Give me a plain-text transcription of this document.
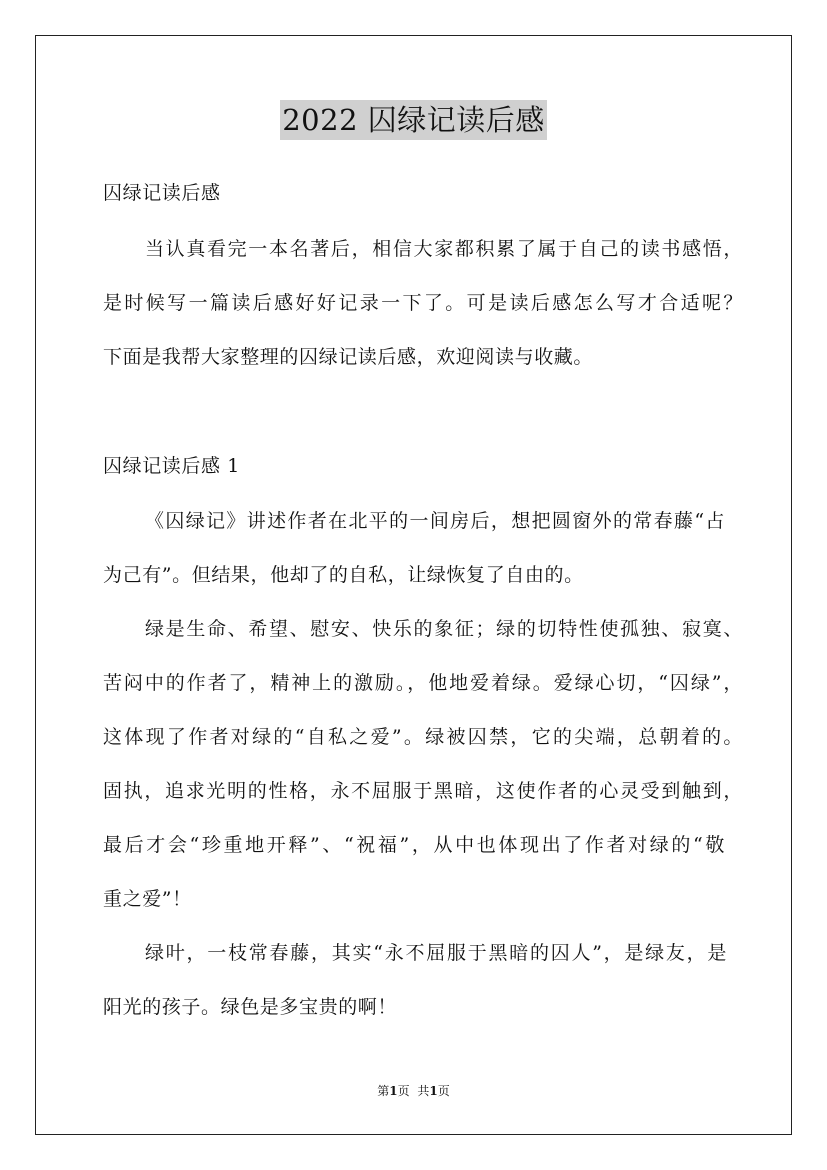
2022 囚绿记读后感
囚绿记读后感
当认真看完一本名著后，相信大家都积累了属于自己的读书感悟，
是时候写一篇读后感好好记录一下了。可是读后感怎么写才合适呢？
下面是我帮大家整理的囚绿记读后感，欢迎阅读与收藏。
囚绿记读后感 1
《囚绿记》讲述作者在北平的一间房后，想把圆窗外的常春藤“占
为己有”。但结果，他却了的自私，让绿恢复了自由的。
绿是生命、希望、慰安、快乐的象征；绿的切特性使孤独、寂寞、
苦闷中的作者了，精神上的激励。，他地爱着绿。爱绿心切，“囚绿”，
这体现了作者对绿的“自私之爱”。绿被囚禁，它的尖端，总朝着的。
固执，追求光明的性格，永不屈服于黑暗，这使作者的心灵受到触到，
最后才会“珍重地开释”、“祝福”，从中也体现出了作者对绿的“敬
重之爱”！
绿叶，一枝常春藤，其实“永不屈服于黑暗的囚人”，是绿友，是
阳光的孩子。绿色是多宝贵的啊！
第1页 共1页
